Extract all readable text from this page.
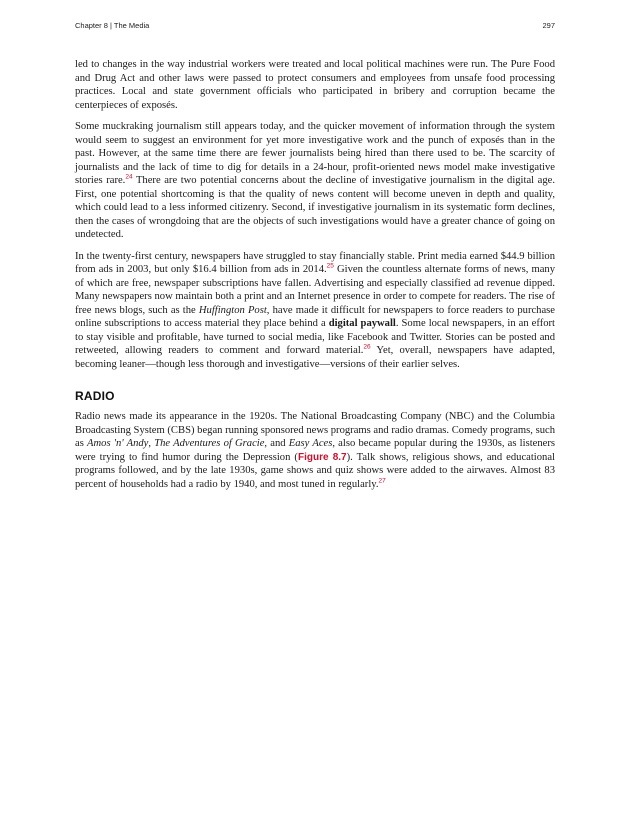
Chapter 8 | The Media	297

led to changes in the way industrial workers were treated and local political machines were run. The Pure Food and Drug Act and other laws were passed to protect consumers and employees from unsafe food processing practices. Local and state government officials who participated in bribery and corruption became the centerpieces of exposés.

Some muckraking journalism still appears today, and the quicker movement of information through the system would seem to suggest an environment for yet more investigative work and the punch of exposés than in the past. However, at the same time there are fewer journalists being hired than there used to be. The scarcity of journalists and the lack of time to dig for details in a 24-hour, profit-oriented news model make investigative stories rare.$^{24}$ There are two potential concerns about the decline of investigative journalism in the digital age. First, one potential shortcoming is that the quality of news content will become uneven in depth and quality, which could lead to a less informed citizenry. Second, if investigative journalism in its systematic form declines, then the cases of wrongdoing that are the objects of such investigations would have a greater chance of going on undetected.

In the twenty-first century, newspapers have struggled to stay financially stable. Print media earned $44.9 billion from ads in 2003, but only $16.4 billion from ads in 2014.25 Given the countless alternate forms of news, many of which are free, newspaper subscriptions have fallen. Advertising and especially classified ad revenue dipped. Many newspapers now maintain both a print and an Internet presence in order to compete for readers. The rise of free news blogs, such as the Huffington Post, have made it difficult for newspapers to force readers to purchase online subscriptions to access material they place behind a digital paywall. Some local newspapers, in an effort to stay visible and profitable, have turned to social media, like Facebook and Twitter. Stories can be posted and retweeted, allowing readers to comment and forward material.$^{26}$ Yet, overall, newspapers have adapted, becoming leaner—though less thorough and investigative—versions of their earlier selves.

RADIO

Radio news made its appearance in the 1920s. The National Broadcasting Company (NBC) and the Columbia Broadcasting System (CBS) began running sponsored news programs and radio dramas. Comedy programs, such as Amos 'n' Andy, The Adventures of Gracie, and Easy Aces, also became popular during the 1930s, as listeners were trying to find humor during the Depression (Figure 8.7). Talk shows, religious shows, and educational programs followed, and by the late 1930s, game shows and quiz shows were added to the airwaves. Almost 83 percent of households had a radio by 1940, and most tuned in regularly.$^{27}$
